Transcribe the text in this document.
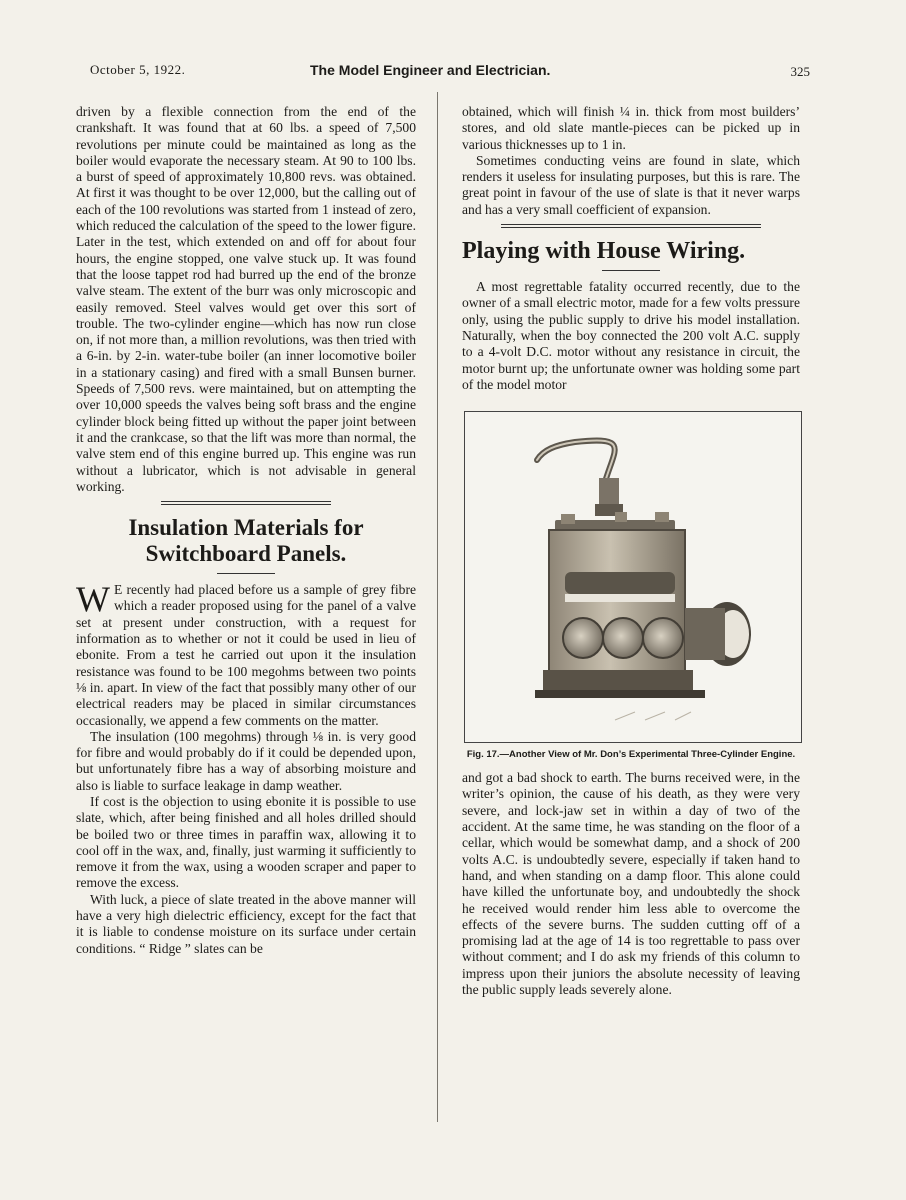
October 5, 1922.	The Model Engineer and Electrician.	325

driven by a flexible connection from the end of the crankshaft. It was found that at 60 lbs. a speed of 7,500 revolutions per minute could be maintained as long as the boiler would evaporate the necessary steam. At 90 to 100 lbs. a burst of speed of approximately 10,800 revs. was obtained. At first it was thought to be over 12,000, but the calling out of each of the 100 revolutions was started from 1 instead of zero, which reduced the calculation of the speed to the lower figure. Later in the test, which extended on and off for about four hours, the engine stopped, one valve stuck up. It was found that the loose tappet rod had burred up the end of the bronze valve steam. The extent of the burr was only microscopic and easily removed. Steel valves would get over this sort of trouble. The two-cylinder engine—which has now run close on, if not more than, a million revolutions, was then tried with a 6-in. by 2-in. water-tube boiler (an inner locomotive boiler in a stationary casing) and fired with a small Bunsen burner. Speeds of 7,500 revs. were maintained, but on attempting the over 10,000 speeds the valves being soft brass and the engine cylinder block being fitted up without the paper joint between it and the crankcase, so that the lift was more than normal, the valve stem end of this engine burred up. This engine was run without a lubricator, which is not advisable in general working.

Insulation Materials for Switchboard Panels.

W E recently had placed before us a sample of grey fibre which a reader proposed using for the panel of a valve set at present under construction, with a request for information as to whether or not it could be used in lieu of ebonite. From a test he carried out upon it the insulation resistance was found to be 100 megohms between two points ⅛ in. apart. In view of the fact that possibly many other of our electrical readers may be placed in similar circumstances occasionally, we append a few comments on the matter.

The insulation (100 megohms) through ⅛ in. is very good for fibre and would probably do if it could be depended upon, but unfortunately fibre has a way of absorbing moisture and also is liable to surface leakage in damp weather.

If cost is the objection to using ebonite it is possible to use slate, which, after being finished and all holes drilled should be boiled two or three times in paraffin wax, allowing it to cool off in the wax, and, finally, just warming it sufficiently to remove it from the wax, using a wooden scraper and paper to remove the excess.

With luck, a piece of slate treated in the above manner will have a very high dielectric efficiency, except for the fact that it is liable to condense moisture on its surface under certain conditions. “ Ridge ” slates can be

obtained, which will finish ¼ in. thick from most builders’ stores, and old slate mantle-pieces can be picked up in various thicknesses up to 1 in.

Sometimes conducting veins are found in slate, which renders it useless for insulating purposes, but this is rare. The great point in favour of the use of slate is that it never warps and has a very small coefficient of expansion.

Playing with House Wiring.

A most regrettable fatality occurred recently, due to the owner of a small electric motor, made for a few volts pressure only, using the public supply to drive his model installation. Naturally, when the boy connected the 200 volt A.C. supply to a 4-volt D.C. motor without any resistance in circuit, the motor burnt up; the unfortunate owner was holding some part of the model motor

Fig. 17.—Another View of Mr. Don’s Experimental Three-Cylinder Engine.

and got a bad shock to earth. The burns received were, in the writer’s opinion, the cause of his death, as they were very severe, and lock-jaw set in within a day of two of the accident. At the same time, he was standing on the floor of a cellar, which would be somewhat damp, and a shock of 200 volts A.C. is undoubtedly severe, especially if taken hand to hand, and when standing on a damp floor. This alone could have killed the unfortunate boy, and undoubtedly the shock he received would render him less able to overcome the effects of the severe burns. The sudden cutting off of a promising lad at the age of 14 is too regrettable to pass over without comment; and I do ask my friends of this column to impress upon their juniors the absolute necessity of leaving the public supply leads severely alone.
